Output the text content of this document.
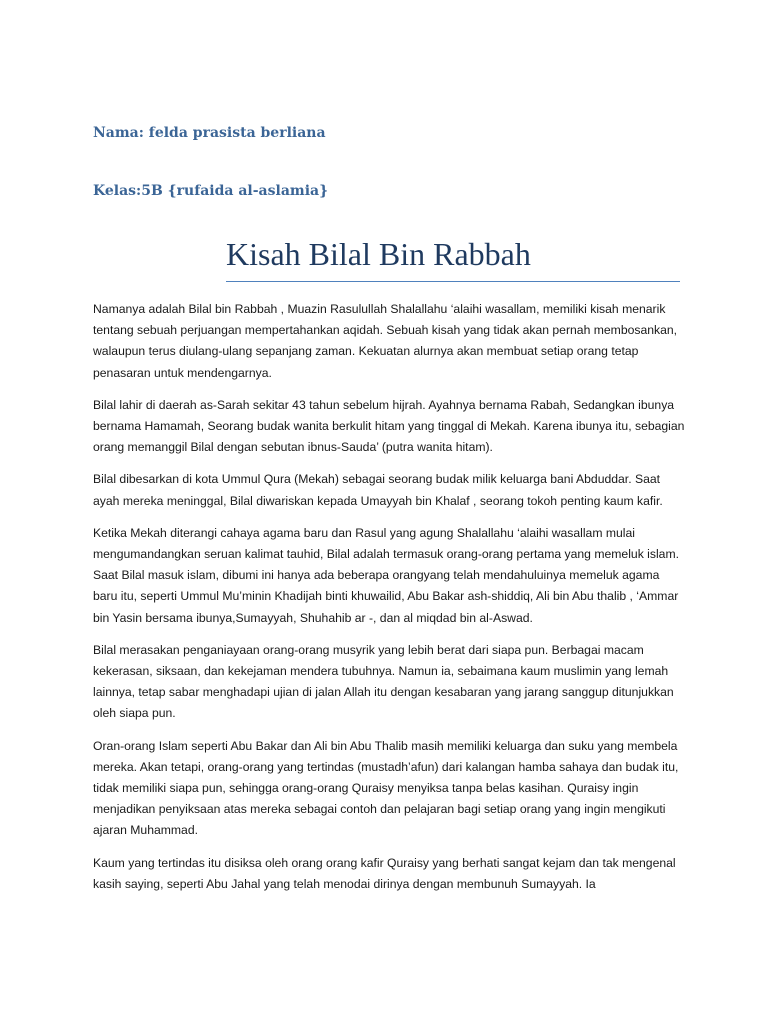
Nama: felda prasista berliana
Kelas:5B {rufaida al-aslamia}
Kisah Bilal Bin Rabbah

Namanya adalah Bilal bin Rabbah , Muazin Rasulullah Shalallahu ‘alaihi wasallam, memiliki kisah menarik tentang sebuah perjuangan mempertahankan aqidah. Sebuah kisah yang tidak akan pernah membosankan, walaupun terus diulang-ulang sepanjang zaman. Kekuatan alurnya akan membuat setiap orang tetap penasaran untuk mendengarnya.

Bilal lahir di daerah as-Sarah sekitar 43 tahun sebelum hijrah. Ayahnya bernama Rabah, Sedangkan ibunya bernama Hamamah, Seorang budak wanita berkulit hitam yang tinggal di Mekah. Karena ibunya itu, sebagian orang memanggil Bilal dengan sebutan ibnus-Sauda’ (putra wanita hitam).

Bilal dibesarkan di kota Ummul Qura (Mekah) sebagai seorang budak milik keluarga bani Abduddar. Saat ayah mereka meninggal, Bilal diwariskan kepada Umayyah bin Khalaf , seorang tokoh penting kaum kafir.

Ketika Mekah diterangi cahaya agama baru dan Rasul yang agung Shalallahu ‘alaihi wasallam mulai mengumandangkan seruan kalimat tauhid, Bilal adalah termasuk orang-orang pertama yang memeluk islam. Saat Bilal masuk islam, dibumi ini hanya ada beberapa orangyang telah mendahuluinya memeluk agama baru itu, seperti Ummul Mu’minin Khadijah binti khuwailid, Abu Bakar ash-shiddiq, Ali bin Abu thalib , ‘Ammar bin Yasin bersama ibunya,Sumayyah, Shuhahib ar -, dan al miqdad bin al-Aswad.

Bilal merasakan penganiayaan orang-orang musyrik yang lebih berat dari siapa pun. Berbagai macam kekerasan, siksaan, dan kekejaman mendera tubuhnya. Namun ia, sebaimana kaum muslimin yang lemah lainnya, tetap sabar menghadapi ujian di jalan Allah itu dengan kesabaran yang jarang sanggup ditunjukkan oleh siapa pun.

Oran-orang Islam seperti Abu Bakar dan Ali bin Abu Thalib masih memiliki keluarga dan suku yang membela mereka. Akan tetapi, orang-orang yang tertindas (mustadh’afun) dari kalangan hamba sahaya dan budak itu, tidak memiliki siapa pun, sehingga orang-orang Quraisy menyiksa tanpa belas kasihan. Quraisy ingin menjadikan penyiksaan atas mereka sebagai contoh dan pelajaran bagi setiap orang yang ingin mengikuti ajaran Muhammad.

Kaum yang tertindas itu disiksa oleh orang orang kafir Quraisy yang berhati sangat kejam dan tak mengenal kasih saying, seperti Abu Jahal yang telah menodai dirinya dengan membunuh Sumayyah. Ia
